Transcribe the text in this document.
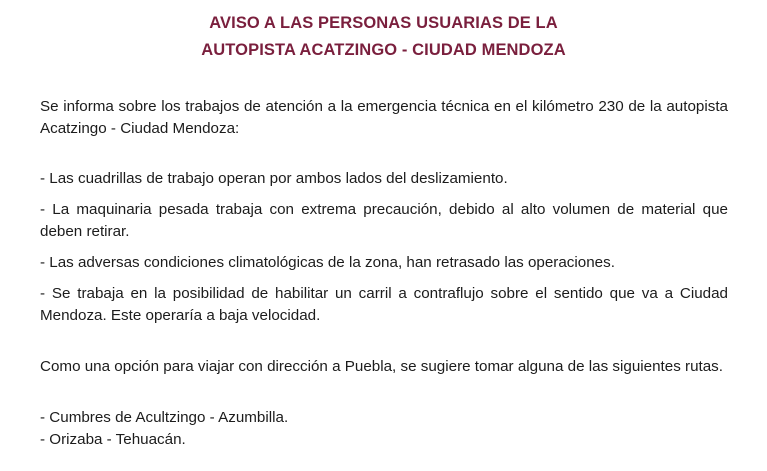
AVISO A LAS PERSONAS USUARIAS DE LA
AUTOPISTA ACATZINGO - CIUDAD MENDOZA

Se informa sobre los trabajos de atención a la emergencia técnica en el kilómetro 230 de la autopista Acatzingo - Ciudad Mendoza:

- Las cuadrillas de trabajo operan por ambos lados del deslizamiento.

- La maquinaria pesada trabaja con extrema precaución, debido al alto volumen de material que deben retirar.

- Las adversas condiciones climatológicas de la zona, han retrasado las operaciones.

- Se trabaja en la posibilidad de habilitar un carril a contraflujo sobre el sentido que va a Ciudad Mendoza. Este operaría a baja velocidad.

Como una opción para viajar con dirección a Puebla, se sugiere tomar alguna de las siguientes rutas.

- Cumbres de Acultzingo - Azumbilla.

- Orizaba - Tehuacán.
